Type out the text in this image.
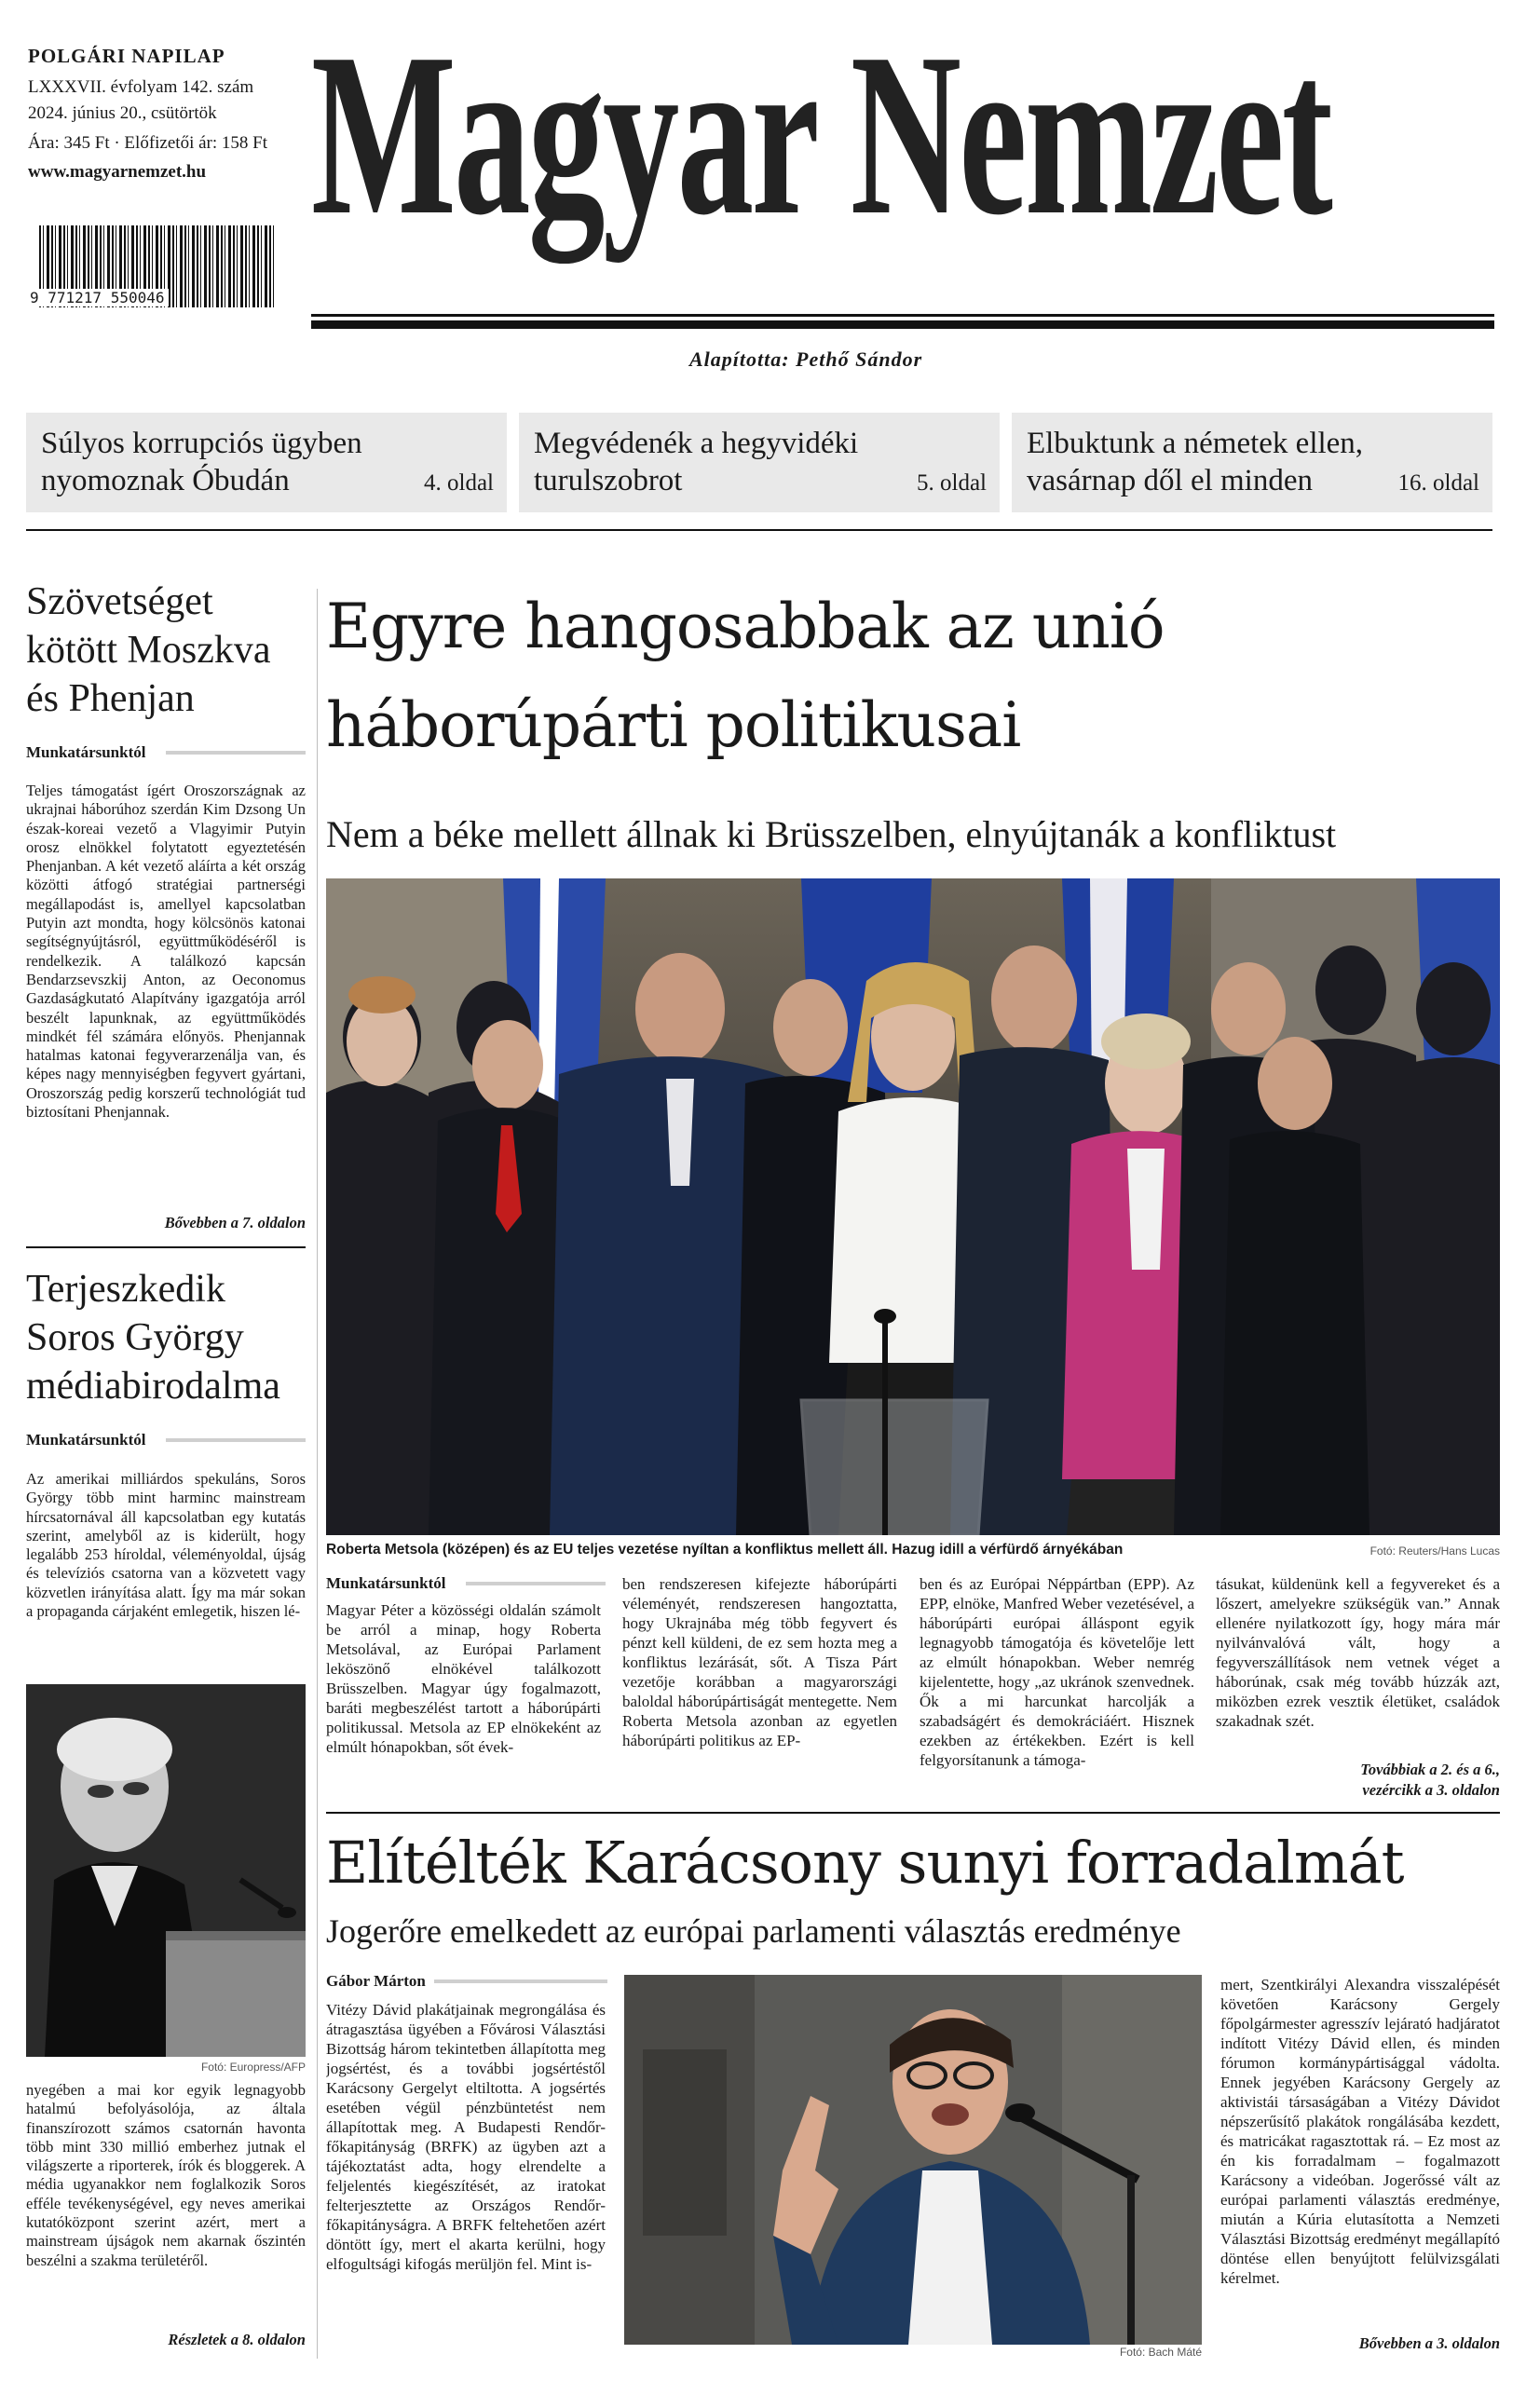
POLGÁRI NAPILAP
LXXXVII. évfolyam 142. szám
2024. június 20., csütörtök
Ára: 345 Ft · Előfizetői ár: 158 Ft
www.magyarnemzet.hu
9 771217 550046
Magyar Nemzet
Alapította: Pethő Sándor
Súlyos korrupciós ügyben nyomoznak Óbudán	4. oldal
Megvédenék a hegyvidéki turulszobrot	5. oldal
Elbuktunk a németek ellen, vasárnap dől el minden	16. oldal
Szövetséget kötött Moszkva és Phenjan
Munkatársunktól
Teljes támogatást ígért Oroszországnak az ukrajnai háborúhoz szerdán Kim Dzsong Un észak-koreai vezető a Vlagyimir Putyin orosz elnökkel folytatott egyeztetésén Phenjanban. A két vezető aláírta a két ország közötti átfogó stratégiai partnerségi megállapodást is, amellyel kapcsolatban Putyin azt mondta, hogy kölcsönös katonai segítségnyújtásról, együttműködéséről is rendelkezik. A találkozó kapcsán Bendarzsevszkij Anton, az Oeconomus Gazdaságkutató Alapítvány igazgatója arról beszélt lapunknak, az együttműködés mindkét fél számára előnyös. Phenjannak hatalmas katonai fegyverarzenálja van, és képes nagy mennyiségben fegyvert gyártani, Oroszország pedig korszerű technológiát tud biztosítani Phenjannak.
Bővebben a 7. oldalon
Terjeszkedik Soros György médiabirodalma
Munkatársunktól
Az amerikai milliárdos spekuláns, Soros György több mint harminc mainstream hírcsatornával áll kapcsolatban egy kutatás szerint, amelyből az is kiderült, hogy legalább 253 híroldal, véleményoldal, újság és televíziós csatorna van a közvetett vagy közvetlen irányítása alatt. Így ma már sokan a propaganda cárjaként emlegetik, hiszen lé-
Fotó: Europress/AFP
nyegében a mai kor egyik legnagyobb hatalmú befolyásolója, az általa finanszírozott számos csatornán havonta több mint 330 millió emberhez jutnak el világszerte a riporterek, írók és bloggerek. A média ugyanakkor nem foglalkozik Soros efféle tevékenységével, egy neves amerikai kutatóközpont szerint azért, mert a mainstream újságok nem akarnak őszintén beszélni a szakma területéről.
Részletek a 8. oldalon
Egyre hangosabbak az unió
háborúpárti politikusai
Nem a béke mellett állnak ki Brüsszelben, elnyújtanák a konfliktust
Roberta Metsola (középen) és az EU teljes vezetése nyíltan a konfliktus mellett áll. Hazug idill a vérfürdő árnyékában	Fotó: Reuters/Hans Lucas
Munkatársunktól
Magyar Péter a közösségi oldalán számolt be arról a minap, hogy Roberta Metsolával, az Európai Parlament leköszönő elnökével találkozott Brüsszelben. Magyar úgy fogalmazott, baráti megbeszélést tartott a háborúpárti politikussal. Metsola az EP elnökeként az elmúlt hónapokban, sőt évek-
ben rendszeresen kifejezte háborúpárti véleményét, rendszeresen hangoztatta, hogy Ukrajnába még több fegyvert és pénzt kell küldeni, de ez sem hozta meg a konfliktus lezárását, sőt. A Tisza Párt vezetője korábban a magyarországi baloldal háborúpártiságát mentegette. Nem Roberta Metsola azonban az egyetlen háborúpárti politikus az EP-
ben és az Európai Néppártban (EPP). Az EPP, elnöke, Manfred Weber vezetésével, a háborúpárti európai álláspont egyik legnagyobb támogatója és követelője lett az elmúlt hónapokban. Weber nemrég kijelentette, hogy „az ukránok szenvednek. Ők a mi harcunkat harcolják a szabadságért és demokráciáért. Hisznek ezekben az értékekben. Ezért is kell felgyorsítanunk a támoga-
tásukat, küldenünk kell a fegyvereket és a lőszert, amelyekre szükségük van.” Annak ellenére nyilatkozott így, hogy mára már nyilvánvalóvá vált, hogy a fegyverszállítások nem vetnek véget a háborúnak, csak még tovább húzzák azt, miközben ezrek vesztik életüket, családok szakadnak szét.
Továbbiak a 2. és a 6.,
vezércikk a 3. oldalon
Elítélték Karácsony sunyi forradalmát
Jogerőre emelkedett az európai parlamenti választás eredménye
Gábor Márton
Vitézy Dávid plakátjainak megrongálása és átragasztása ügyében a Fővárosi Választási Bizottság három tekintetben állapította meg jogsértést, és a további jogsértéstől Karácsony Gergelyt eltiltotta. A jogsértés esetében végül pénzbüntetést nem állapítottak meg. A Budapesti Rendőr-főkapitányság (BRFK) az ügyben azt a tájékoztatást adta, hogy elrendelte a feljelentés kiegészítését, az iratokat felterjesztette az Országos Rendőr-főkapitányságra. A BRFK feltehetően azért döntött így, mert el akarta kerülni, hogy elfogultsági kifogás merüljön fel. Mint is-
Fotó: Bach Máté
mert, Szentkirályi Alexandra visszalépését követően Karácsony Gergely főpolgármester agresszív lejárató hadjáratot indított Vitézy Dávid ellen, és minden fórumon kormánypártisággal vádolta. Ennek jegyében Karácsony Gergely az aktivistái társaságában a Vitézy Dávidot népszerűsítő plakátok rongálásába kezdett, és matricákat ragasztottak rá. – Ez most az én kis forradalmam – fogalmazott Karácsony a videóban. Jogerőssé vált az európai parlamenti választás eredménye, miután a Kúria elutasította a Nemzeti Választási Bizottság eredményt megállapító döntése ellen benyújtott felülvizsgálati kérelmet.
Bővebben a 3. oldalon
